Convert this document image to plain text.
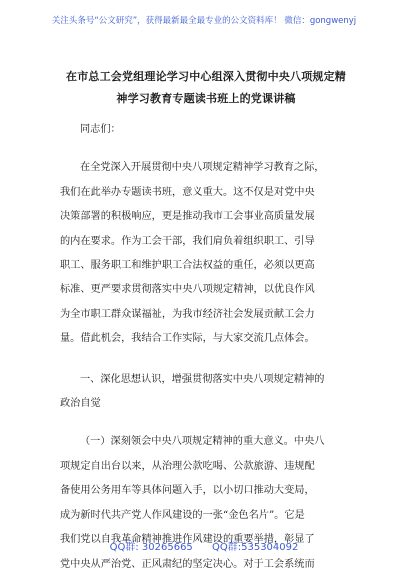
关注头条号“公文研究”，获得最新最全最专业的公文资料库！ 微信：gongwenyj
在市总工会党组理论学习中心组深入贯彻中央八项规定精
神学习教育专题读书班上的党课讲稿

同志们：

在全党深入开展贯彻中央八项规定精神学习教育之际，
我们在此举办专题读书班，意义重大。这不仅是对党中央
决策部署的积极响应，更是推动我市工会事业高质量发展
的内在要求。作为工会干部，我们肩负着组织职工、引导
职工、服务职工和维护职工合法权益的重任，必须以更高
标准、更严要求贯彻落实中央八项规定精神，以优良作风
为全市职工群众谋福祉，为我市经济社会发展贡献工会力
量。借此机会，我结合工作实际，与大家交流几点体会。
一、深化思想认识，增强贯彻落实中央八项规定精神的
政治自觉
（一）深刻领会中央八项规定精神的重大意义。中央八
项规定自出台以来，从治理公款吃喝、公款旅游、违规配
备使用公务用车等具体问题入手，以小切口推动大变局，
成为新时代共产党人作风建设的一张“金色名片”。它是
我们党以自我革命精神推进作风建设的重要举措，彰显了
党中央从严治党、正风肃纪的坚定决心。对于工会系统而
QQ群: 30265665 QQ群:535304092
